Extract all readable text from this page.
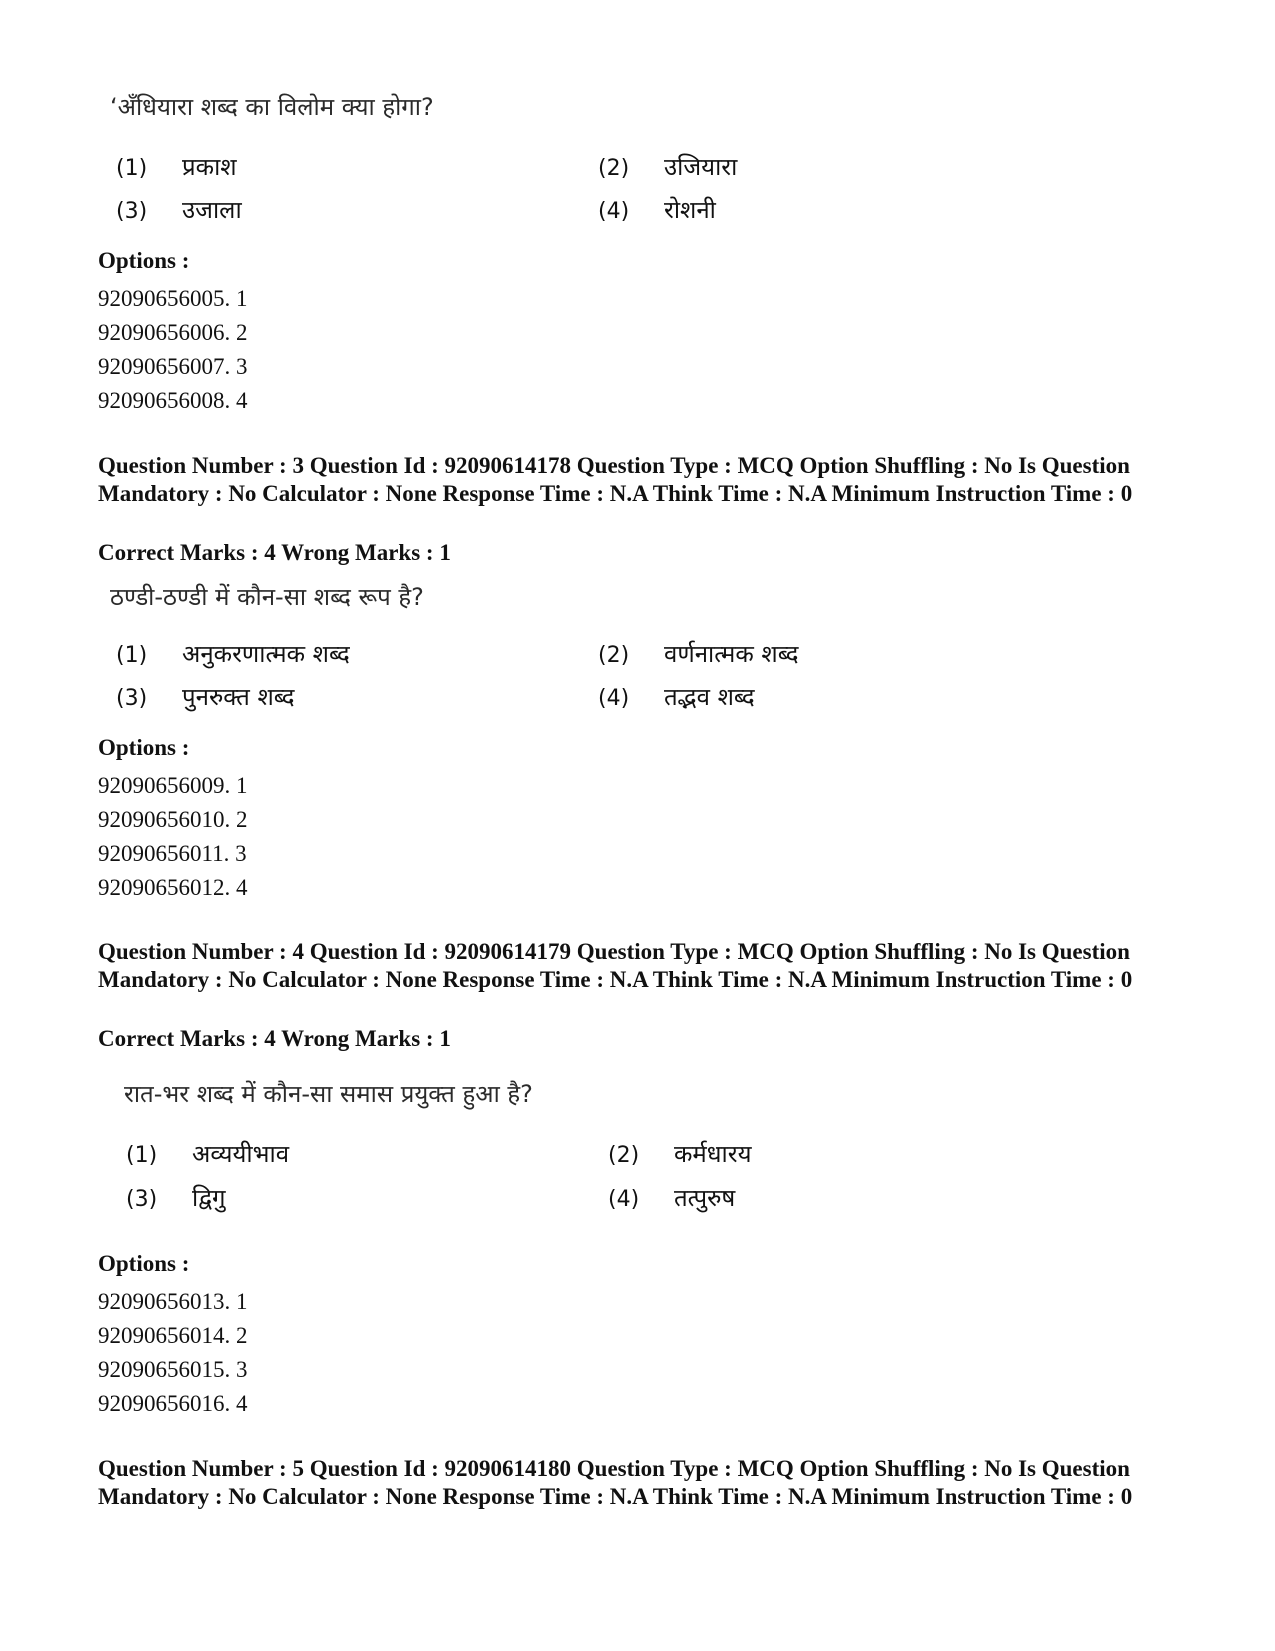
‘अँधियारा शब्द का विलोम क्या होगा?
(1) प्रकाश	(2) उजियारा
(3) उजाला	(4) रोशनी
Options :
92090656005. 1
92090656006. 2
92090656007. 3
92090656008. 4
Question Number : 3 Question Id : 92090614178 Question Type : MCQ Option Shuffling : No Is Question Mandatory : No Calculator : None Response Time : N.A Think Time : N.A Minimum Instruction Time : 0
Correct Marks : 4 Wrong Marks : 1
ठण्डी-ठण्डी में कौन-सा शब्द रूप है?
(1) अनुकरणात्मक शब्द	(2) वर्णनात्मक शब्द
(3) पुनरुक्त शब्द	(4) तद्भव शब्द
Options :
92090656009. 1
92090656010. 2
92090656011. 3
92090656012. 4
Question Number : 4 Question Id : 92090614179 Question Type : MCQ Option Shuffling : No Is Question Mandatory : No Calculator : None Response Time : N.A Think Time : N.A Minimum Instruction Time : 0
Correct Marks : 4 Wrong Marks : 1
रात-भर शब्द में कौन-सा समास प्रयुक्त हुआ है?
(1) अव्ययीभाव	(2) कर्मधारय
(3) द्विगु	(4) तत्पुरुष
Options :
92090656013. 1
92090656014. 2
92090656015. 3
92090656016. 4
Question Number : 5 Question Id : 92090614180 Question Type : MCQ Option Shuffling : No Is Question Mandatory : No Calculator : None Response Time : N.A Think Time : N.A Minimum Instruction Time : 0
